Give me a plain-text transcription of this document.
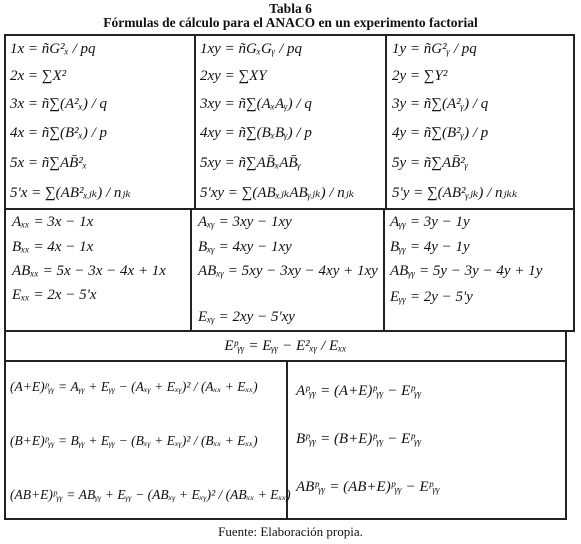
Tabla 6
Fórmulas de cálculo para el ANACO en un experimento factorial
1x = ñG²ₓ / pq
2x = ∑X²
3x = ñ∑(A²ₓ) / q
4x = ñ∑(B²ₓ) / p
5x = ñ∑AB̄²ₓ
5'x = ∑(AB²ₓⱼₖ) / nⱼₖ
1xy = ñGₓGᵧ / pq
2xy = ∑XY
3xy = ñ∑(AₓAᵧ) / q
4xy = ñ∑(BₓBᵧ) / p
5xy = ñ∑AB̄ₓAB̄ᵧ
5'xy = ∑(ABₓⱼₖABᵧⱼₖ) / nⱼₖ
1y = ñG²ᵧ / pq
2y = ∑Y²
3y = ñ∑(A²ᵧ) / q
4y = ñ∑(B²ᵧ) / p
5y = ñ∑AB̄²ᵧ
5'y = ∑(AB²ᵧⱼₖ) / nⱼₖₖ
Aₓₓ = 3x − 1x
Bₓₓ = 4x − 1x
ABₓₓ = 5x − 3x − 4x + 1x
Eₓₓ = 2x − 5'x
Aₓᵧ = 3xy − 1xy
Bₓᵧ = 4xy − 1xy
ABₓᵧ = 5xy − 3xy − 4xy + 1xy
Eₓᵧ = 2xy − 5'xy
Aᵧᵧ = 3y − 1y
Bᵧᵧ = 4y − 1y
ABᵧᵧ = 5y − 3y − 4y + 1y
Eᵧᵧ = 2y − 5'y
Eᵖᵧᵧ = Eᵧᵧ − E²ₓᵧ / Eₓₓ
(A+E)ᵖᵧᵧ = Aᵧᵧ + Eᵧᵧ − (Aₓᵧ + Eₓᵧ)² / (Aₓₓ + Eₓₓ)
(B+E)ᵖᵧᵧ = Bᵧᵧ + Eᵧᵧ − (Bₓᵧ + Eₓᵧ)² / (Bₓₓ + Eₓₓ)
(AB+E)ᵖᵧᵧ = ABᵧᵧ + Eᵧᵧ − (ABₓᵧ + Eₓᵧ)² / (ABₓₓ + Eₓₓ)
Aᵖᵧᵧ = (A+E)ᵖᵧᵧ − Eᵖᵧᵧ
Bᵖᵧᵧ = (B+E)ᵖᵧᵧ − Eᵖᵧᵧ
ABᵖᵧᵧ = (AB+E)ᵖᵧᵧ − Eᵖᵧᵧ
Fuente: Elaboración propia.
